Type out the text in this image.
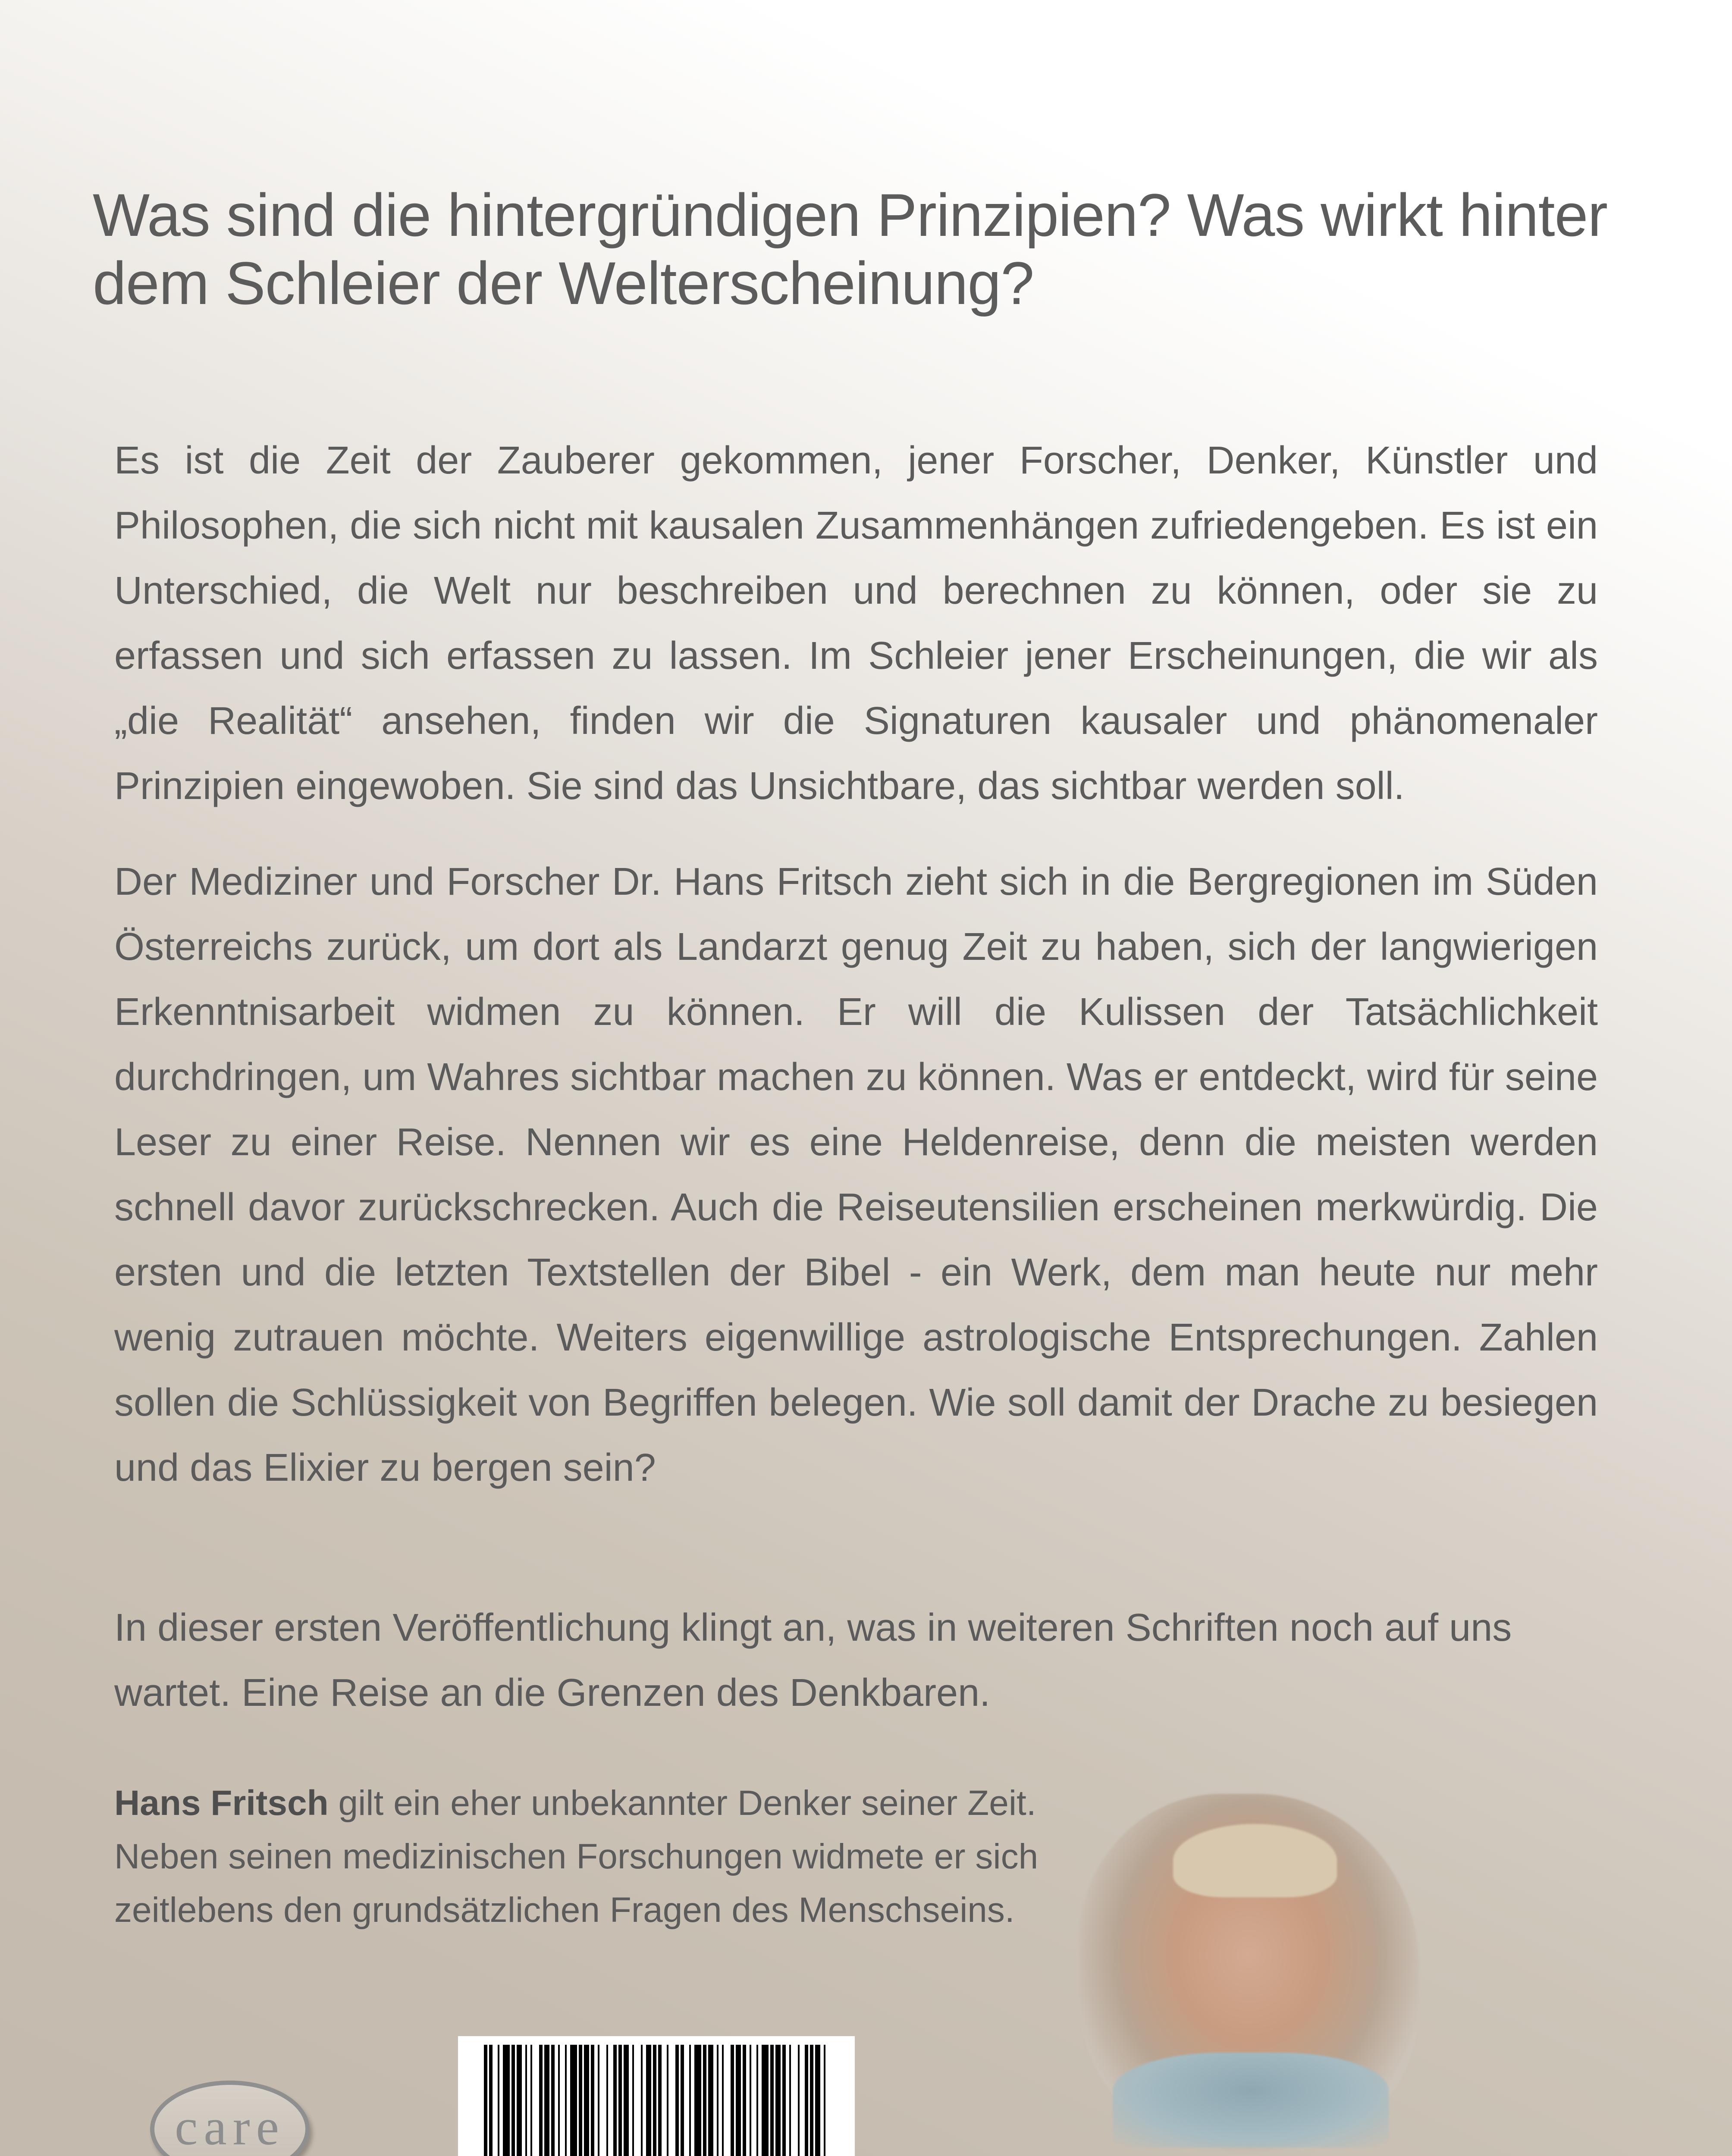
Was sind die hintergründigen Prinzipien? Was wirkt hinter dem Schleier der Welterscheinung?

Es ist die Zeit der Zauberer gekommen, jener Forscher, Denker, Künstler und Philosophen, die sich nicht mit kausalen Zusammenhängen zufriedengeben. Es ist ein Unterschied, die Welt nur beschreiben und berechnen zu können, oder sie zu erfassen und sich erfassen zu lassen. Im Schleier jener Erscheinungen, die wir als „die Realität“ ansehen, finden wir die Signaturen kausaler und phänomenaler Prinzipien eingewoben. Sie sind das Unsichtbare, das sichtbar werden soll.

Der Mediziner und Forscher Dr. Hans Fritsch zieht sich in die Bergregionen im Süden Österreichs zurück, um dort als Landarzt genug Zeit zu haben, sich der langwierigen Erkenntnisarbeit widmen zu können. Er will die Kulissen der Tatsächlichkeit durchdringen, um Wahres sichtbar machen zu können. Was er entdeckt, wird für seine Leser zu einer Reise. Nennen wir es eine Heldenreise, denn die meisten werden schnell davor zurückschrecken. Auch die Reiseutensilien erscheinen merkwürdig. Die ersten und die letzten Textstellen der Bibel - ein Werk, dem man heute nur mehr wenig zutrauen möchte. Weiters eigenwillige astrologische Entsprechungen. Zahlen sollen die Schlüssigkeit von Begriffen belegen. Wie soll damit der Drache zu besiegen und das Elixier zu bergen sein?

In dieser ersten Veröffentlichung klingt an, was in weiteren Schriften noch auf uns wartet. Eine Reise an die Grenzen des Denkbaren.

Hans Fritsch gilt ein eher unbekannter Denker seiner Zeit. Neben seinen medizinischen Forschungen widmete er sich zeitlebens den grundsätzlichen Fragen des Menschseins.

care
